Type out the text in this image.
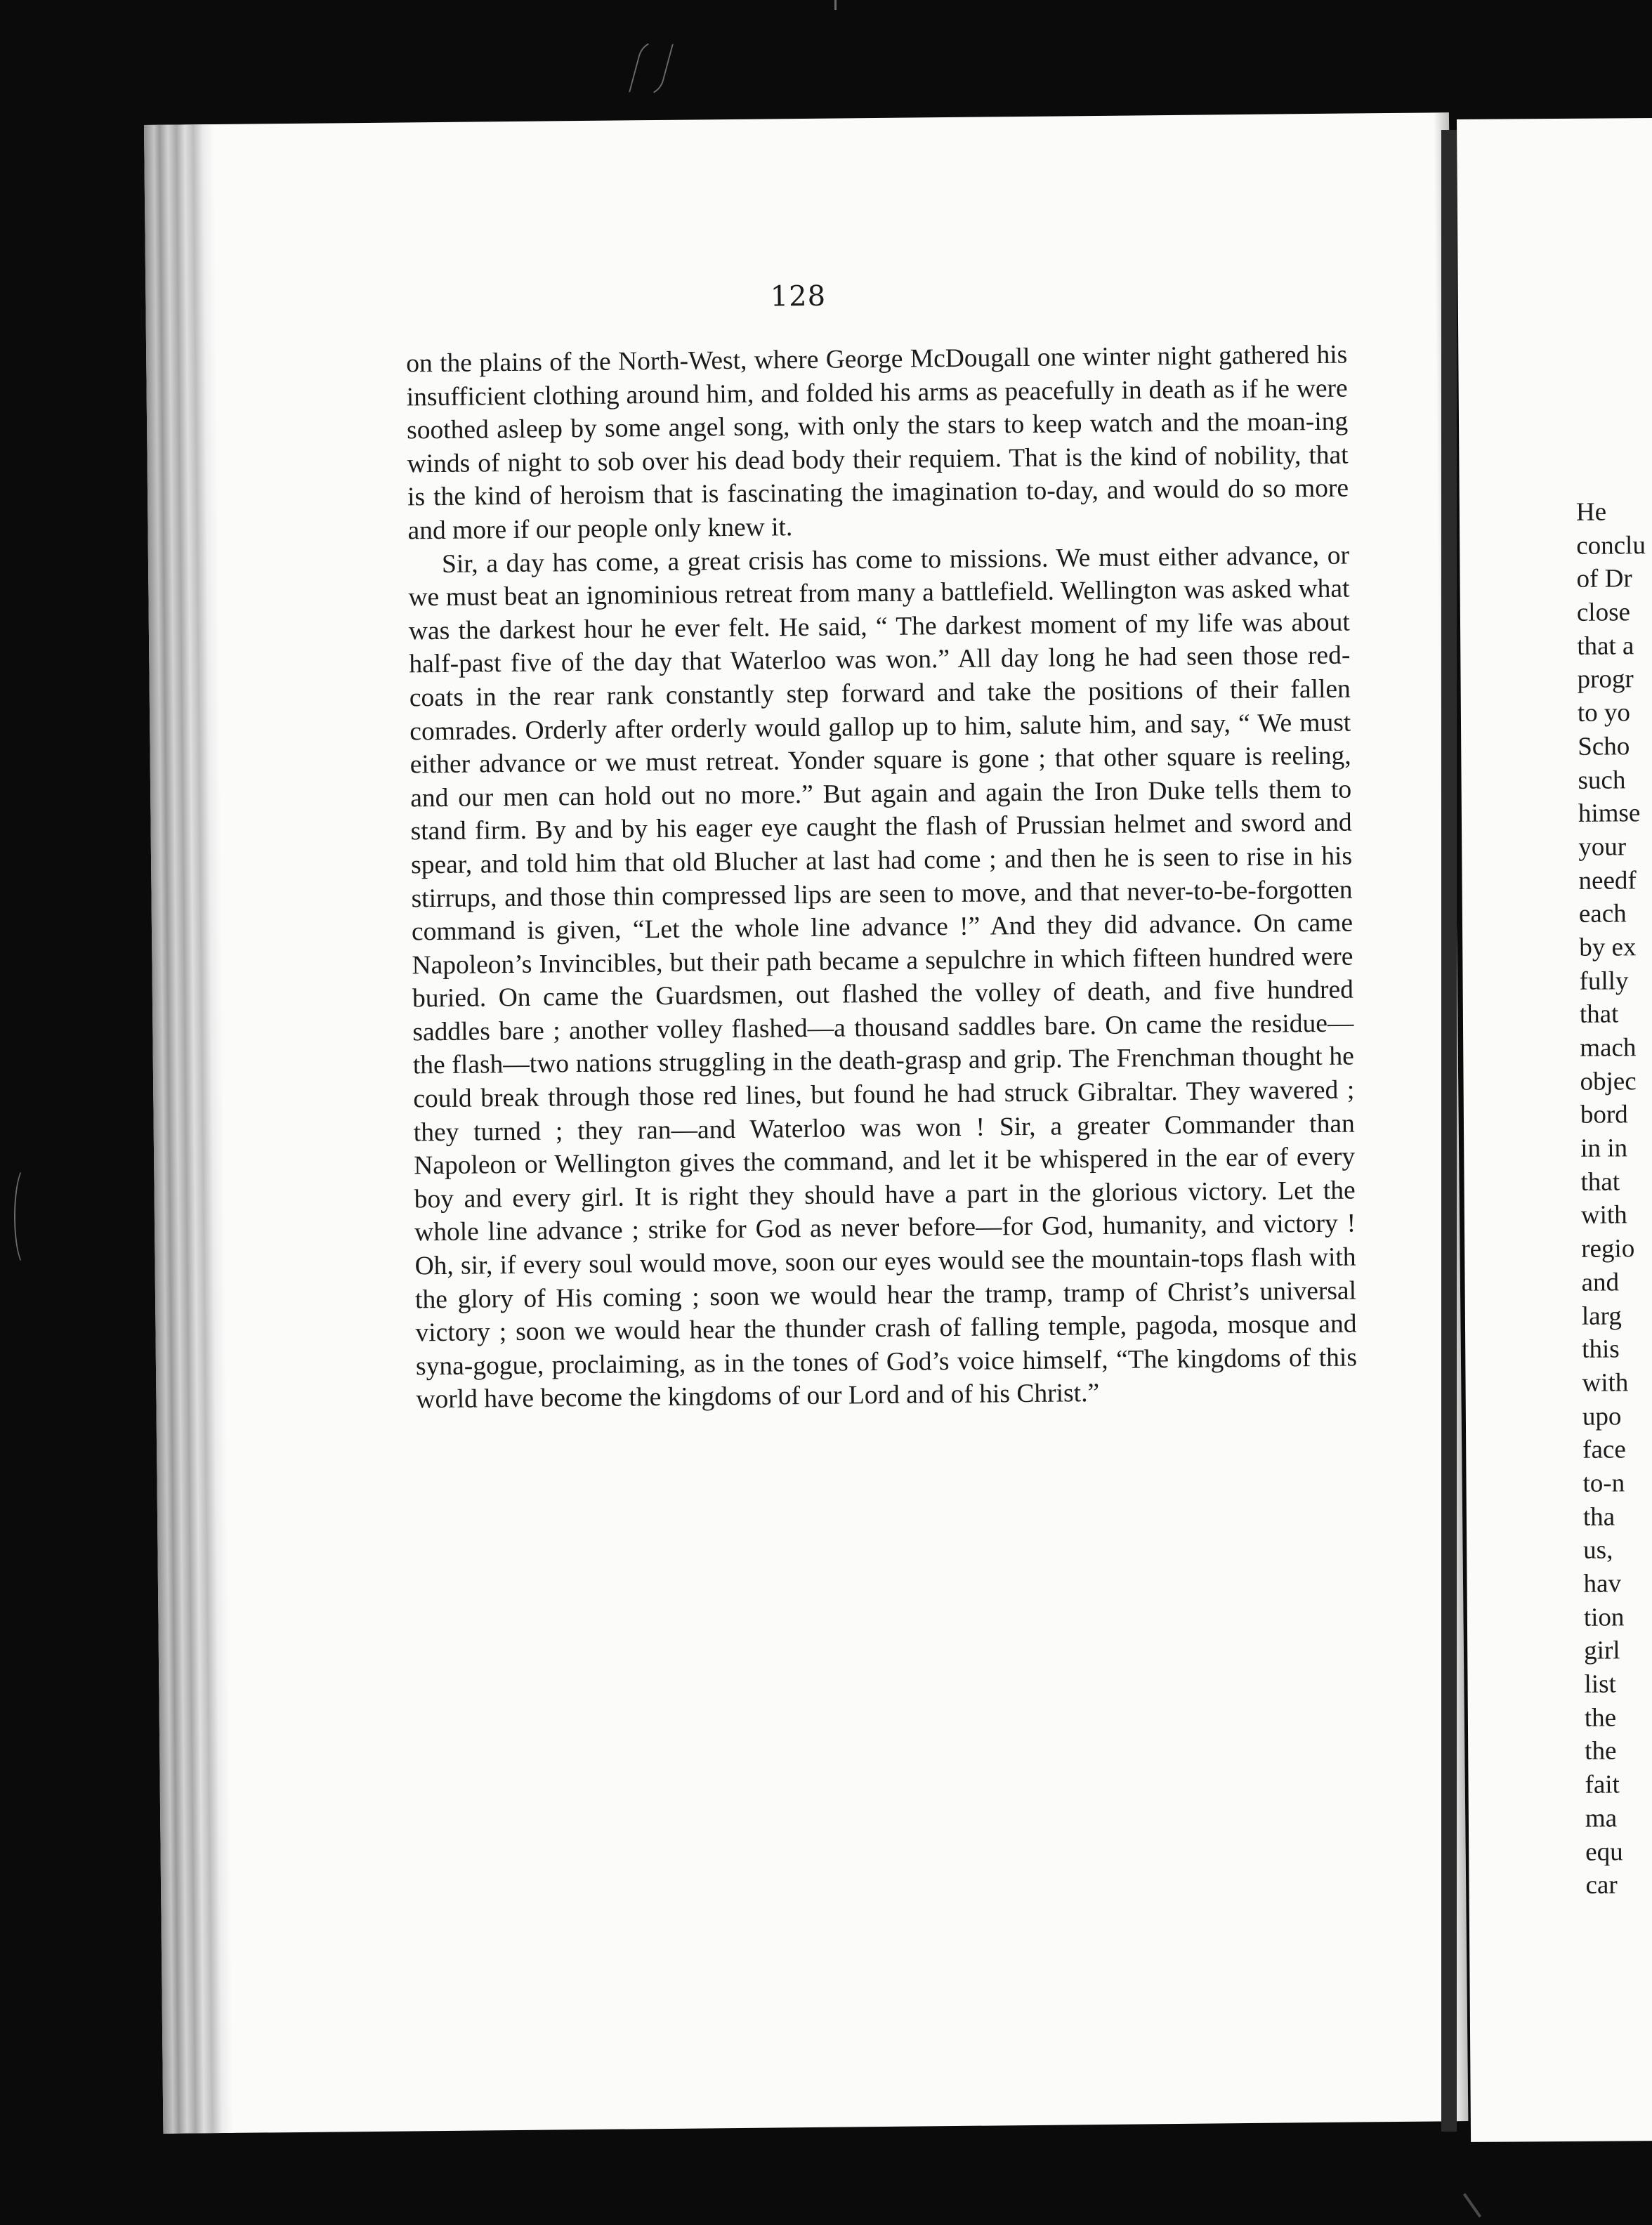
128

on the plains of the North-West, where George McDougall one winter night gathered his insufficient clothing around him, and folded his arms as peacefully in death as if he were soothed asleep by some angel song, with only the stars to keep watch and the moan-ing winds of night to sob over his dead body their requiem. That is the kind of nobility, that is the kind of heroism that is fascinating the imagination to-day, and would do so more and more if our people only knew it.

Sir, a day has come, a great crisis has come to missions. We must either advance, or we must beat an ignominious retreat from many a battlefield. Wellington was asked what was the darkest hour he ever felt. He said, “ The darkest moment of my life was about half-past five of the day that Waterloo was won.” All day long he had seen those red-coats in the rear rank constantly step forward and take the positions of their fallen comrades. Orderly after orderly would gallop up to him, salute him, and say, “ We must either advance or we must retreat. Yonder square is gone ; that other square is reeling, and our men can hold out no more.” But again and again the Iron Duke tells them to stand firm. By and by his eager eye caught the flash of Prussian helmet and sword and spear, and told him that old Blucher at last had come ; and then he is seen to rise in his stirrups, and those thin compressed lips are seen to move, and that never-to-be-forgotten command is given, “Let the whole line advance !” And they did advance. On came Napoleon’s Invincibles, but their path became a sepulchre in which fifteen hundred were buried. On came the Guardsmen, out flashed the volley of death, and five hundred saddles bare ; another volley flashed—a thousand saddles bare. On came the residue—the flash—two nations struggling in the death-grasp and grip. The Frenchman thought he could break through those red lines, but found he had struck Gibraltar. They wavered ; they turned ; they ran—and Waterloo was won ! Sir, a greater Commander than Napoleon or Wellington gives the command, and let it be whispered in the ear of every boy and every girl. It is right they should have a part in the glorious victory. Let the whole line advance ; strike for God as never before—for God, humanity, and victory ! Oh, sir, if every soul would move, soon our eyes would see the mountain-tops flash with the glory of His coming ; soon we would hear the tramp, tramp of Christ’s universal victory ; soon we would hear the thunder crash of falling temple, pagoda, mosque and syna-gogue, proclaiming, as in the tones of God’s voice himself, “The kingdoms of this world have become the kingdoms of our Lord and of his Christ.”

He
conclu
of Dr
close
that a
progr
to yo
Scho
such
himse
your
needf
each
by ex
fully
that
mach
objec
bord
in in
that
with
regio
and
larg
this
with
upo
face
to-n
tha
us,
hav
tion
girl
list
the
the
fait
ma
equ
car
